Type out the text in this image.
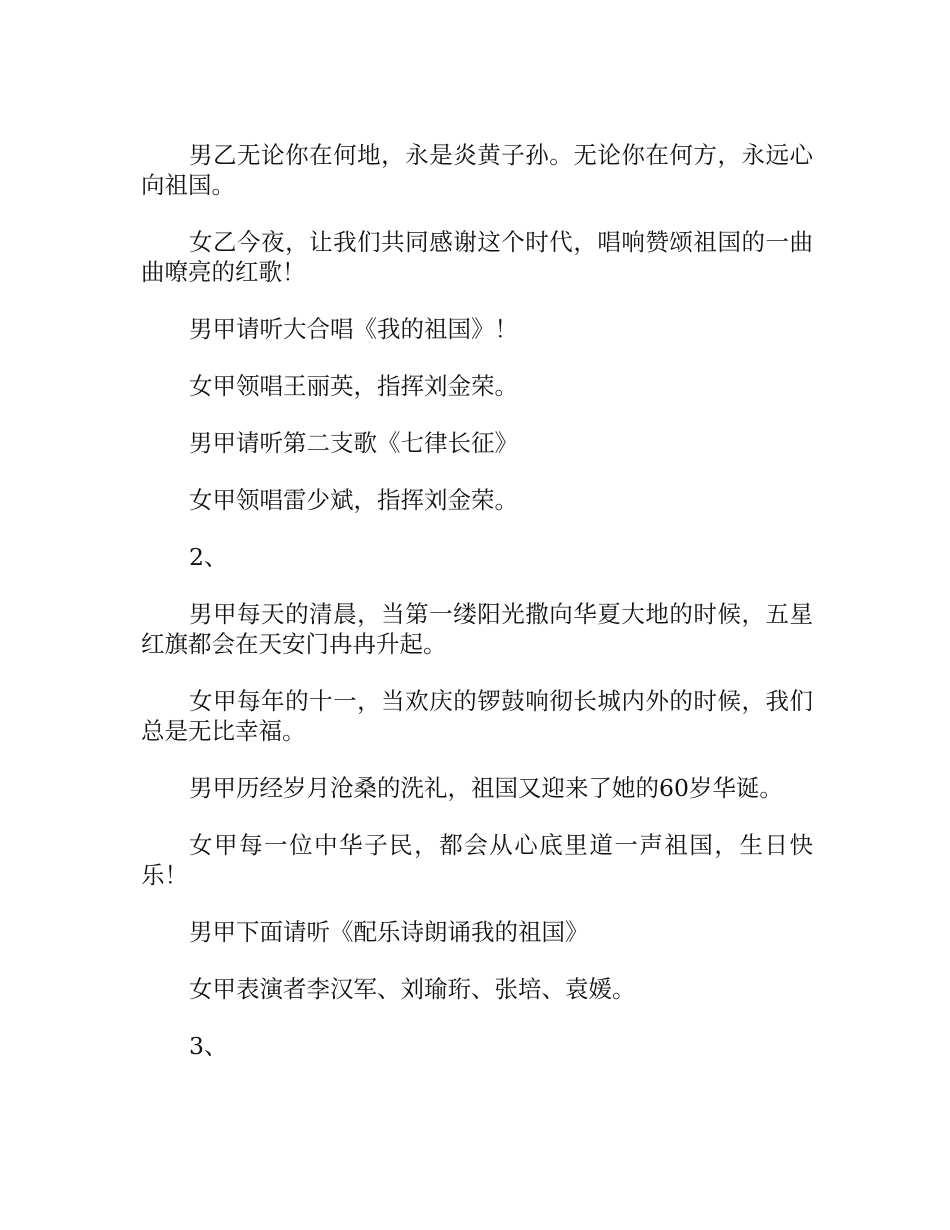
男乙无论你在何地，永是炎黄子孙。无论你在何方，永远心向祖国。

女乙今夜，让我们共同感谢这个时代，唱响赞颂祖国的一曲曲嘹亮的红歌！

男甲请听大合唱《我的祖国》！

女甲领唱王丽英，指挥刘金荣。

男甲请听第二支歌《七律长征》

女甲领唱雷少斌，指挥刘金荣。

2、

男甲每天的清晨，当第一缕阳光撒向华夏大地的时候，五星红旗都会在天安门冉冉升起。

女甲每年的十一，当欢庆的锣鼓响彻长城内外的时候，我们总是无比幸福。

男甲历经岁月沧桑的洗礼，祖国又迎来了她的60岁华诞。

女甲每一位中华子民，都会从心底里道一声祖国，生日快乐！

男甲下面请听《配乐诗朗诵我的祖国》

女甲表演者李汉军、刘瑜珩、张培、袁媛。

3、
